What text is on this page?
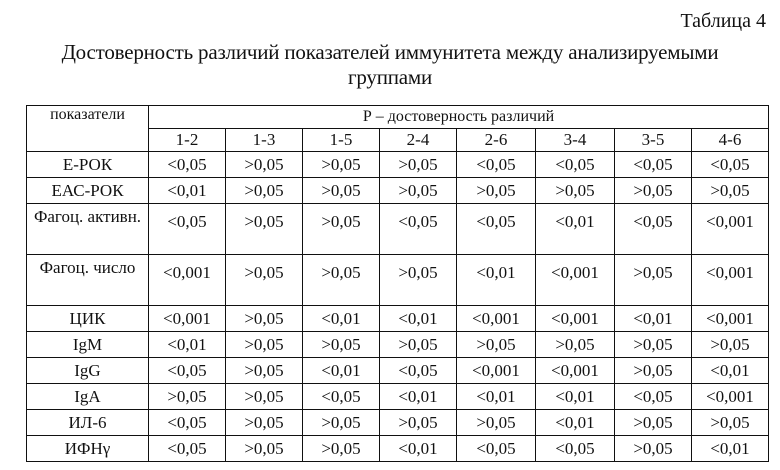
Таблица 4
Достоверность различий показателей иммунитета между анализируемыми
группами
показатели	Р – достоверность различий							
	1-2	1-3	1-5	2-4	2-6	3-4	3-5	4-6
Е-РОК	<0,05	>0,05	>0,05	>0,05	<0,05	<0,05	<0,05	<0,05
ЕАС-РОК	<0,01	>0,05	>0,05	>0,05	>0,05	>0,05	>0,05	>0,05
Фагоц. активн.	<0,05	>0,05	>0,05	<0,05	<0,05	<0,01	<0,05	<0,001
Фагоц. число	<0,001	>0,05	>0,05	>0,05	<0,01	<0,001	>0,05	<0,001
ЦИК	<0,001	>0,05	<0,01	<0,01	<0,001	<0,001	<0,01	<0,001
IgM	<0,01	>0,05	>0,05	>0,05	>0,05	>0,05	>0,05	>0,05
IgG	<0,05	>0,05	<0,01	<0,05	<0,001	<0,001	>0,05	<0,01
IgA	>0,05	>0,05	<0,05	<0,01	<0,01	<0,01	<0,05	<0,001
ИЛ-6	<0,05	>0,05	>0,05	>0,05	>0,05	<0,01	>0,05	>0,05
ИФНγ	<0,05	>0,05	>0,05	<0,01	<0,05	<0,05	>0,05	<0,01
